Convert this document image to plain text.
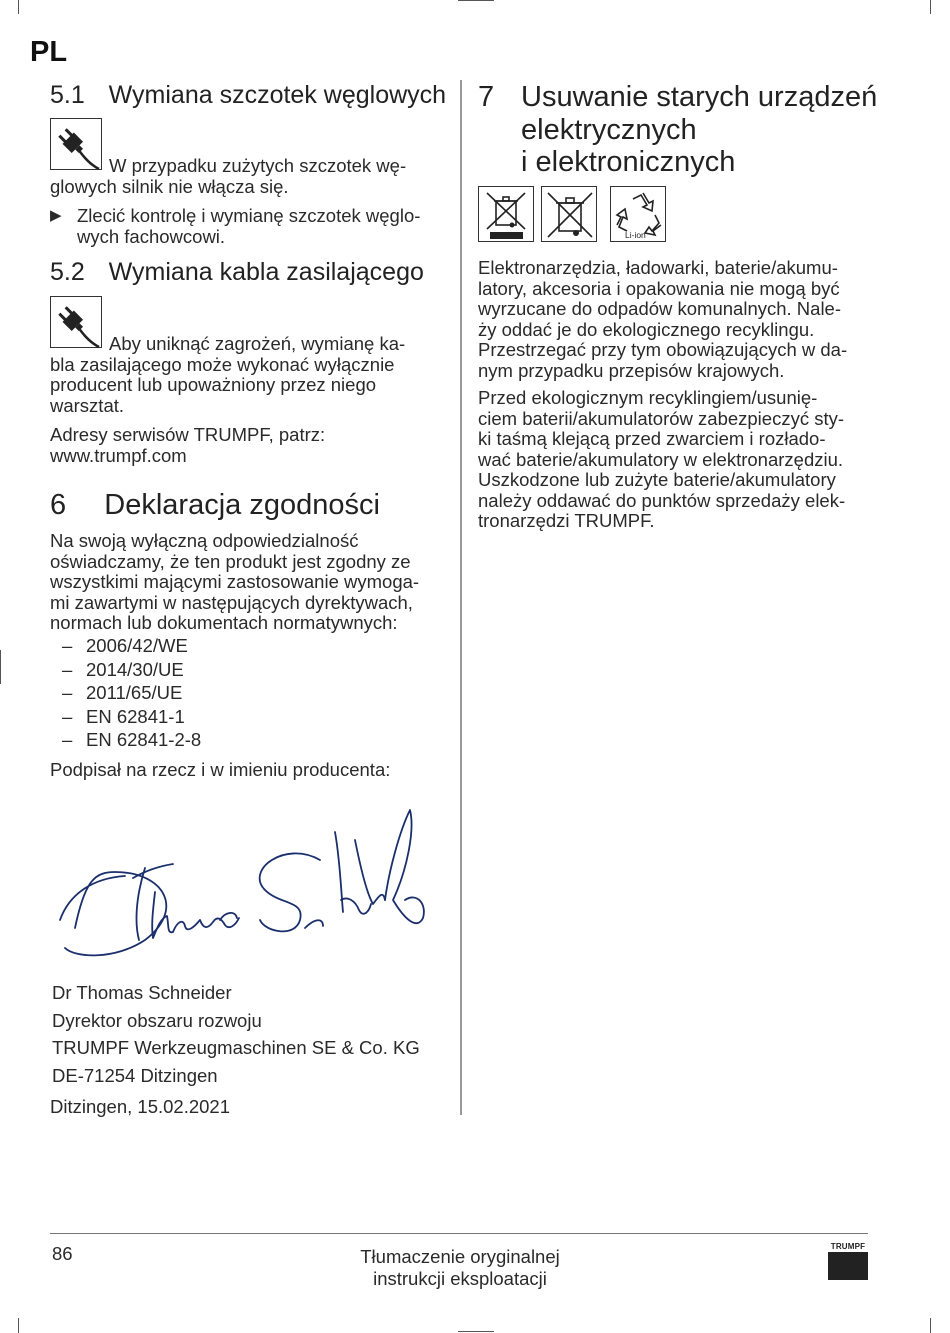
PL
5.1 Wymiana szczotek węglowych
W przypadku zużytych szczotek wę-
glowych silnik nie włącza się.
▶ Zlecić kontrolę i wymianę szczotek węglo-
wych fachowcowi.
5.2 Wymiana kabla zasilającego
Aby uniknąć zagrożeń, wymianę ka-
bla zasilającego może wykonać wyłącznie
producent lub upoważniony przez niego
warsztat.
Adresy serwisów TRUMPF, patrz:
www.trumpf.com
6 Deklaracja zgodności
Na swoją wyłączną odpowiedzialność
oświadczamy, że ten produkt jest zgodny ze
wszystkimi mającymi zastosowanie wymoga-
mi zawartymi w następujących dyrektywach,
normach lub dokumentach normatywnych:
– 2006/42/WE
– 2014/30/UE
– 2011/65/UE
– EN 62841-1
– EN 62841-2-8
Podpisał na rzecz i w imieniu producenta:
Dr Thomas Schneider
Dyrektor obszaru rozwoju
TRUMPF Werkzeugmaschinen SE & Co. KG
DE-71254 Ditzingen
Ditzingen, 15.02.2021
7 Usuwanie starych urządzeń
elektrycznych
i elektronicznych
Li-ion
Elektronarzędzia, ładowarki, baterie/akumu-
latory, akcesoria i opakowania nie mogą być
wyrzucane do odpadów komunalnych. Nale-
ży oddać je do ekologicznego recyklingu.
Przestrzegać przy tym obowiązujących w da-
nym przypadku przepisów krajowych.
Przed ekologicznym recyklingiem/usunię-
ciem baterii/akumulatorów zabezpieczyć sty-
ki taśmą klejącą przed zwarciem i rozłado-
wać baterie/akumulatory w elektronarzędziu.
Uszkodzone lub zużyte baterie/akumulatory
należy oddawać do punktów sprzedaży elek-
tronarzędzi TRUMPF.
86	Tłumaczenie oryginalnej
instrukcji eksploatacji
TRUMPF
